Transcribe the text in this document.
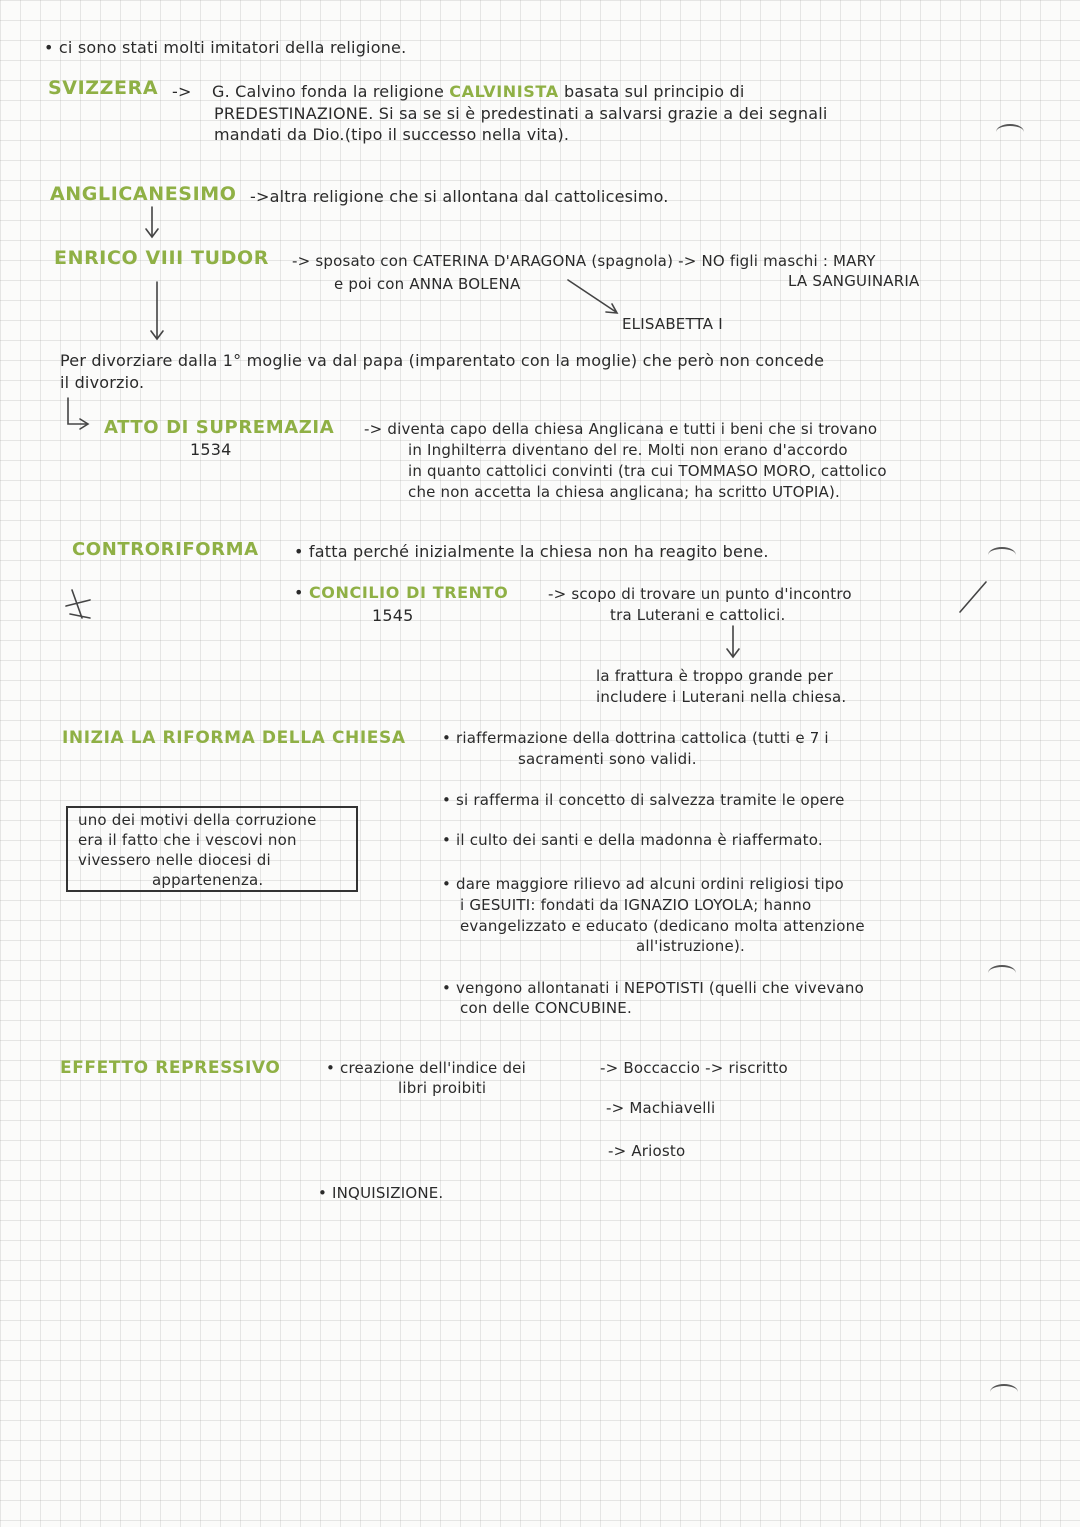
• ci sono stati molti imitatori della religione.
SVIZZERA -> G. Calvino fonda la religione CALVINISTA basata sul principio di
PREDESTINAZIONE. Si sa se si è predestinati a salvarsi grazie a dei segnali
mandati da Dio.(tipo il successo nella vita).
ANGLICANESIMO ->altra religione che si allontana dal cattolicesimo.
ENRICO VIII TUDOR -> sposato con CATERINA D'ARAGONA (spagnola) -> NO figli maschi : MARY
e poi con ANNA BOLENA	LA SANGUINARIA
ELISABETTA I
Per divorziare dalla 1° moglie va dal papa (imparentato con la moglie) che però non concede
il divorzio.
ATTO DI SUPREMAZIA
1534
-> diventa capo della chiesa Anglicana e tutti i beni che si trovano
in Inghilterra diventano del re. Molti non erano d'accordo
in quanto cattolici convinti (tra cui TOMMASO MORO, cattolico
che non accetta la chiesa anglicana; ha scritto UTOPIA).
CONTRORIFORMA • fatta perché inizialmente la chiesa non ha reagito bene.
• CONCILIO DI TRENTO
1545
-> scopo di trovare un punto d'incontro
tra Luterani e cattolici.
la frattura è troppo grande per
includere i Luterani nella chiesa.
INIZIA LA RIFORMA DELLA CHIESA • riaffermazione della dottrina cattolica (tutti e 7 i
sacramenti sono validi.
• si rafferma il concetto di salvezza tramite le opere
• il culto dei santi e della madonna è riaffermato.
• dare maggiore rilievo ad alcuni ordini religiosi tipo
i GESUITI: fondati da IGNAZIO LOYOLA; hanno
evangelizzato e educato (dedicano molta attenzione
all'istruzione).
• vengono allontanati i NEPOTISTI (quelli che vivevano
con delle CONCUBINE.
uno dei motivi della corruzione
era il fatto che i vescovi non
vivessero nelle diocesi di
appartenenza.
EFFETTO REPRESSIVO	• creazione dell'indice dei
libri proibiti
-> Boccaccio -> riscritto
-> Machiavelli
-> Ariosto
• INQUISIZIONE.
